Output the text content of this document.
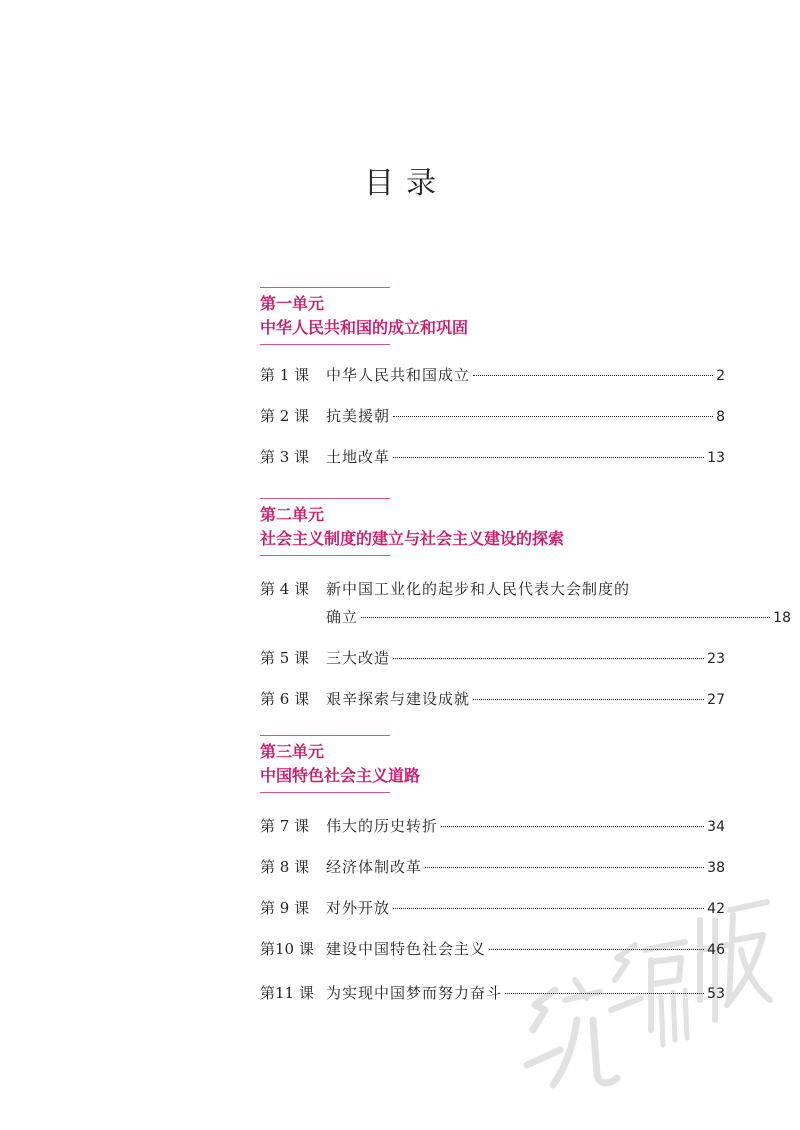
目录
第一单元
中华人民共和国的成立和巩固
第 1 课	中华人民共和国成立	2
第 2 课	抗美援朝	8
第 3 课	土地改革	13
第二单元
社会主义制度的建立与社会主义建设的探索
第 4 课	新中国工业化的起步和人民代表大会制度的
确立	18
第 5 课	三大改造	23
第 6 课	艰辛探索与建设成就	27
第三单元
中国特色社会主义道路
第 7 课	伟大的历史转折	34
第 8 课	经济体制改革	38
第 9 课	对外开放	42
第10 课 建设中国特色社会主义	46
第11 课 为实现中国梦而努力奋斗	53
